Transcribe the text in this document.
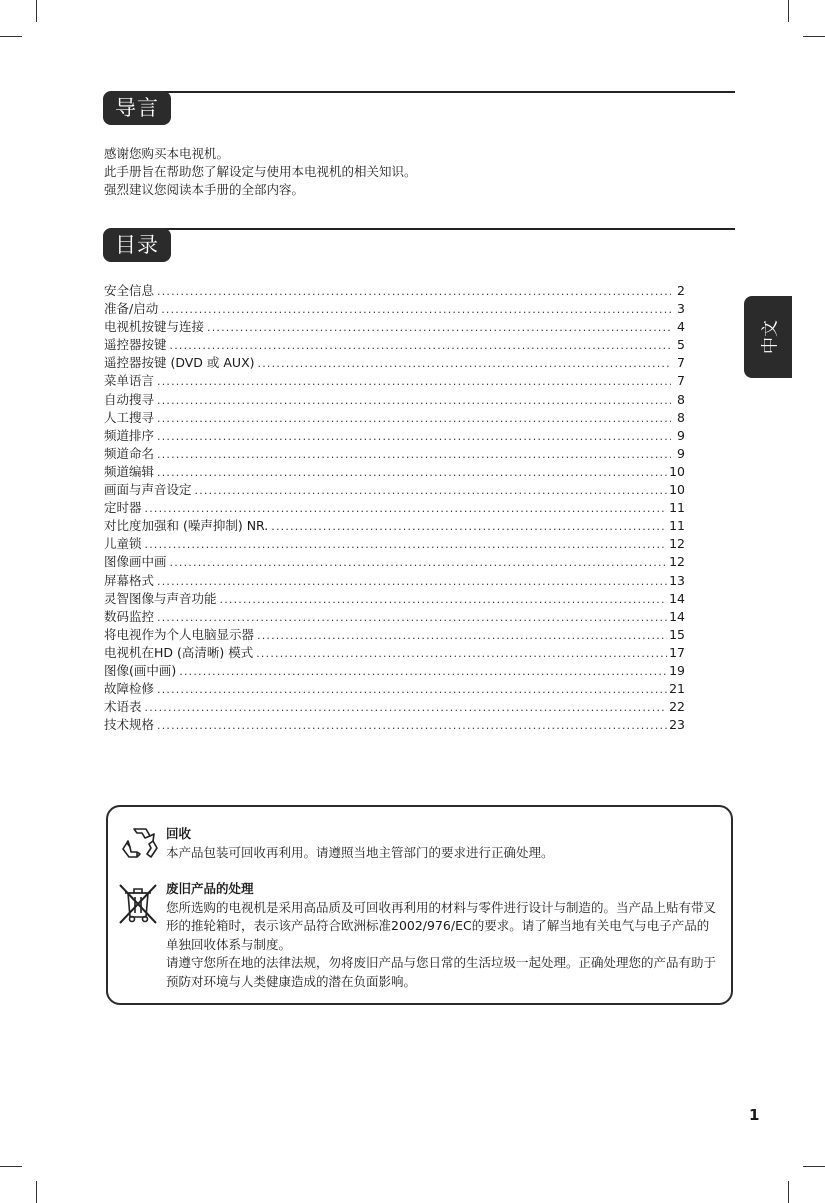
导言
感谢您购买本电视机。
此手册旨在帮助您了解设定与使用本电视机的相关知识。
强烈建议您阅读本手册的全部内容。
目录
安全信息 .....	2
准备/启动 .....	3
电视机按键与连接 .....	4
遥控器按键 .....	5
遥控器按键 (DVD 或 AUX) .....	7
菜单语言 .....	7
自动搜寻 .....	8
人工搜寻 .....	8
频道排序 .....	9
频道命名 .....	9
频道编辑 .....	10
画面与声音设定 .....	10
定时器 .....	11
对比度加强和 (噪声抑制) NR. .....	11
儿童锁 .....	12
图像画中画 .....	12
屏幕格式 .....	13
灵智图像与声音功能 .....	14
数码监控 .....	14
将电视作为个人电脑显示器 .....	15
电视机在HD (高清晰) 模式 .....	17
图像(画中画) .....	19
故障检修 .....	21
术语表 .....	22
技术规格 .....	23
中文
回收
本产品包装可回收再利用。请遵照当地主管部门的要求进行正确处理。
废旧产品的处理
您所选购的电视机是采用高品质及可回收再利用的材料与零件进行设计与制造的。当产品上贴有带叉形的推轮箱时，表示该产品符合欧洲标准2002/976/EC的要求。请了解当地有关电气与电子产品的单独回收体系与制度。
请遵守您所在地的法律法规，勿将废旧产品与您日常的生活垃圾一起处理。正确处理您的产品有助于预防对环境与人类健康造成的潜在负面影响。
1
